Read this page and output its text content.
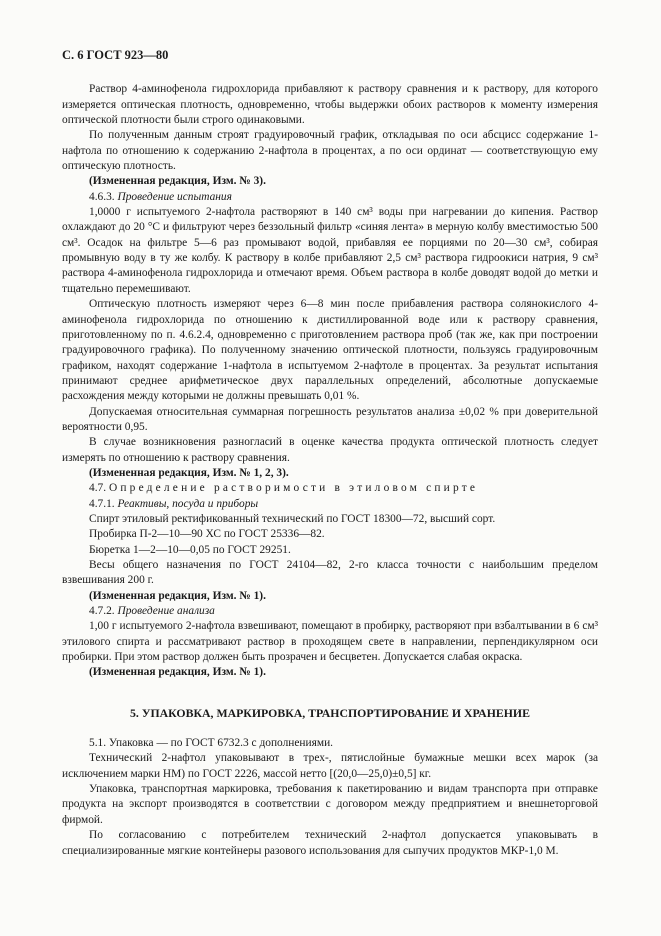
С. 6 ГОСТ 923—80

Раствор 4-аминофенола гидрохлорида прибавляют к раствору сравнения и к раствору, для которого измеряется оптическая плотность, одновременно, чтобы выдержки обоих растворов к моменту измерения оптической плотности были строго одинаковыми.

По полученным данным строят градуировочный график, откладывая по оси абсцисс содержание 1-нафтола по отношению к содержанию 2-нафтола в процентах, а по оси ординат — соответствующую ему оптическую плотность.

(Измененная редакция, Изм. № 3).

4.6.3. Проведение испытания

1,0000 г испытуемого 2-нафтола растворяют в 140 см³ воды при нагревании до кипения. Раствор охлаждают до 20 °С и фильтруют через беззольный фильтр «синяя лента» в мерную колбу вместимостью 500 см³. Осадок на фильтре 5—6 раз промывают водой, прибавляя ее порциями по 20—30 см³, собирая промывную воду в ту же колбу. К раствору в колбе прибавляют 2,5 см³ раствора гидроокиси натрия, 9 см³ раствора 4-аминофенола гидрохлорида и отмечают время. Объем раствора в колбе доводят водой до метки и тщательно перемешивают.

Оптическую плотность измеряют через 6—8 мин после прибавления раствора солянокислого 4-аминофенола гидрохлорида по отношению к дистиллированной воде или к раствору сравнения, приготовленному по п. 4.6.2.4, одновременно с приготовлением раствора проб (так же, как при построении градуировочного графика). По полученному значению оптической плотности, пользуясь градуировочным графиком, находят содержание 1-нафтола в испытуемом 2-нафтоле в процентах. За результат испытания принимают среднее арифметическое двух параллельных определений, абсолютные допускаемые расхождения между которыми не должны превышать 0,01 %.

Допускаемая относительная суммарная погрешность результатов анализа ±0,02 % при доверительной вероятности 0,95.

В случае возникновения разногласий в оценке качества продукта оптической плотность следует измерять по отношению к раствору сравнения.

(Измененная редакция, Изм. № 1, 2, 3).

4.7. Определение растворимости в этиловом спирте

4.7.1. Реактивы, посуда и приборы

Спирт этиловый ректификованный технический по ГОСТ 18300—72, высший сорт.

Пробирка П-2—10—90 ХС по ГОСТ 25336—82.

Бюретка 1—2—10—0,05 по ГОСТ 29251.

Весы общего назначения по ГОСТ 24104—82, 2-го класса точности с наибольшим пределом взвешивания 200 г.

(Измененная редакция, Изм. № 1).

4.7.2. Проведение анализа

1,00 г испытуемого 2-нафтола взвешивают, помещают в пробирку, растворяют при взбалтывании в 6 см³ этилового спирта и рассматривают раствор в проходящем свете в направлении, перпендикулярном оси пробирки. При этом раствор должен быть прозрачен и бесцветен. Допускается слабая окраска.

(Измененная редакция, Изм. № 1).

5. УПАКОВКА, МАРКИРОВКА, ТРАНСПОРТИРОВАНИЕ И ХРАНЕНИЕ

5.1. Упаковка — по ГОСТ 6732.3 с дополнениями.

Технический 2-нафтол упаковывают в трех-, пятислойные бумажные мешки всех марок (за исключением марки НМ) по ГОСТ 2226, массой нетто [(20,0—25,0)±0,5] кг.

Упаковка, транспортная маркировка, требования к пакетированию и видам транспорта при отправке продукта на экспорт производятся в соответствии с договором между предприятием и внешнеторговой фирмой.

По согласованию с потребителем технический 2-нафтол допускается упаковывать в специализированные мягкие контейнеры разового использования для сыпучих продуктов МКР-1,0 М.
